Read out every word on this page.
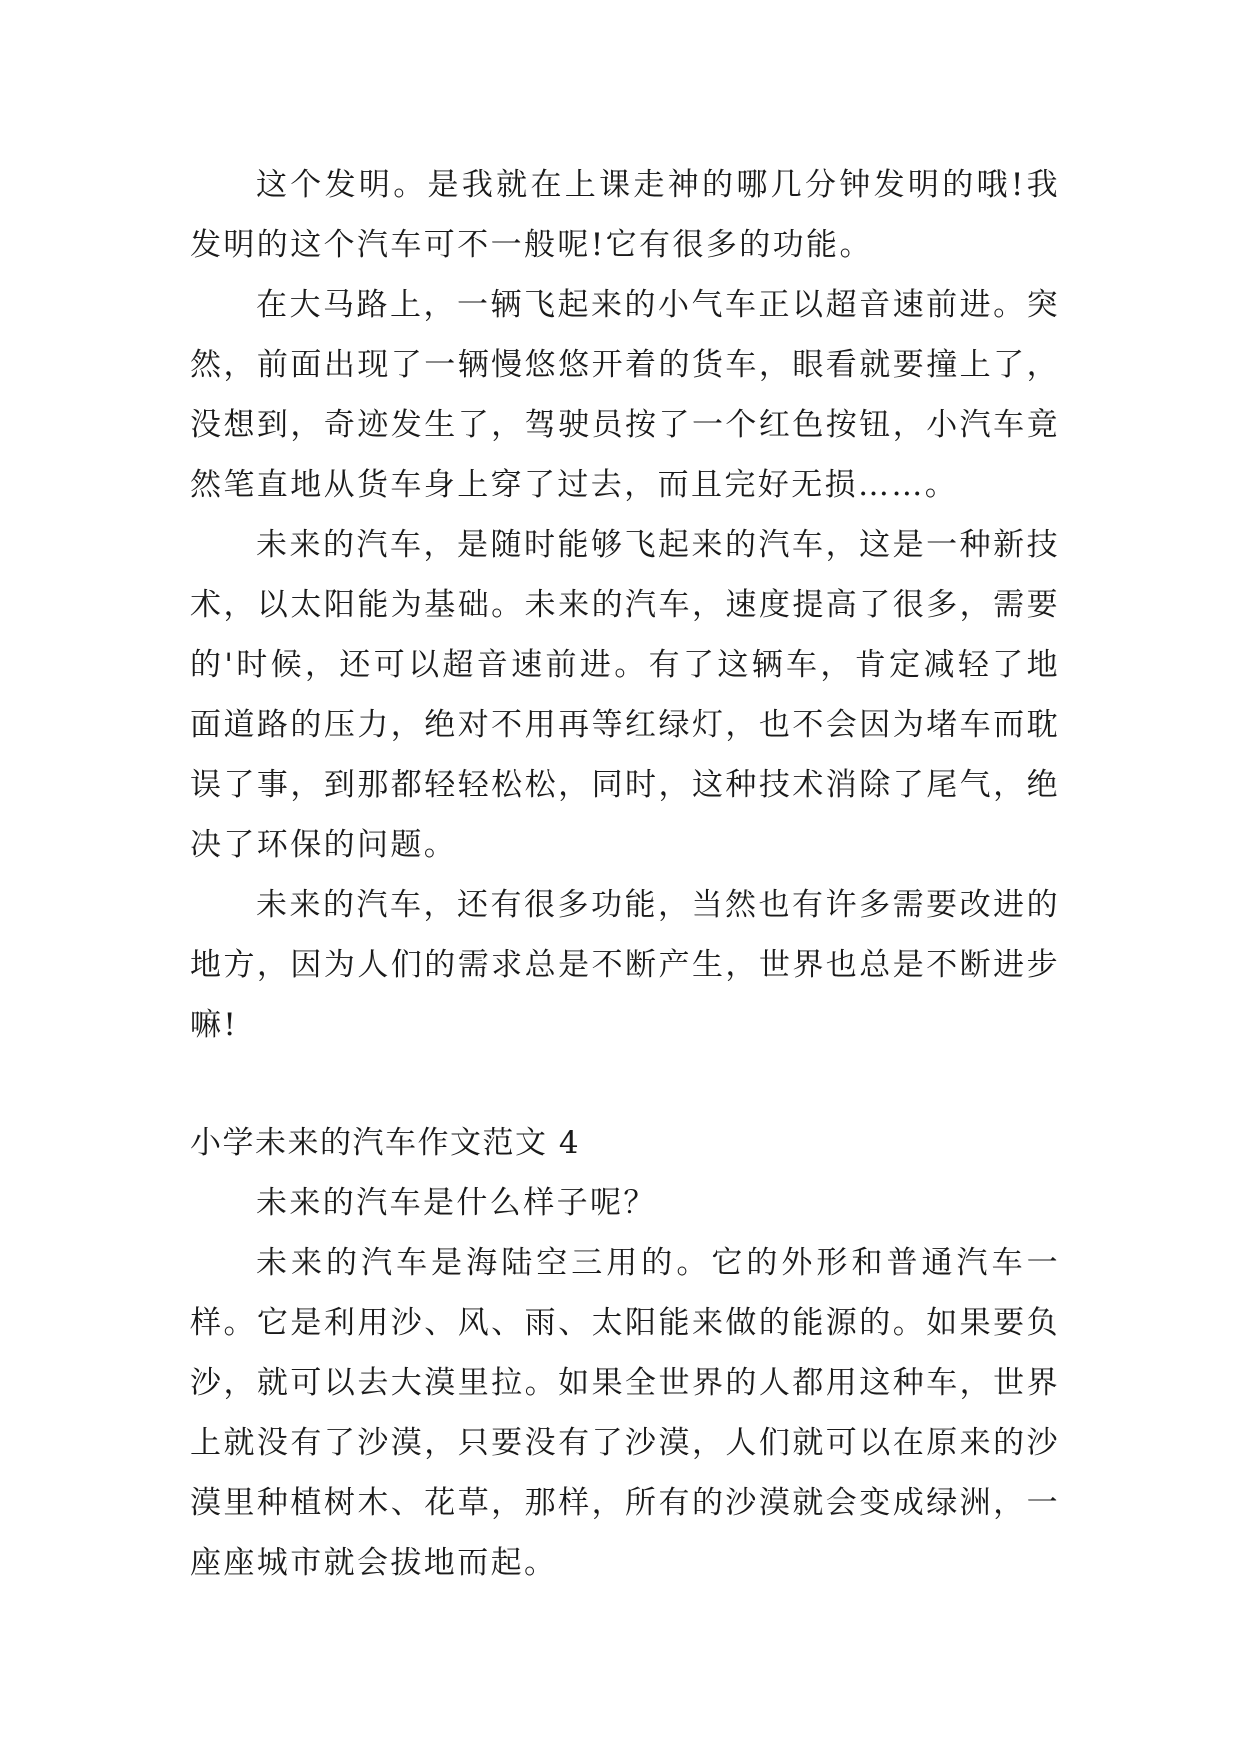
这个发明。是我就在上课走神的哪几分钟发明的哦!我发明的这个汽车可不一般呢!它有很多的功能。

在大马路上，一辆飞起来的小气车正以超音速前进。突然，前面出现了一辆慢悠悠开着的货车，眼看就要撞上了，没想到，奇迹发生了，驾驶员按了一个红色按钮，小汽车竟然笔直地从货车身上穿了过去，而且完好无损……。

未来的汽车，是随时能够飞起来的汽车，这是一种新技术，以太阳能为基础。未来的汽车，速度提高了很多，需要的'时候，还可以超音速前进。有了这辆车，肯定减轻了地面道路的压力，绝对不用再等红绿灯，也不会因为堵车而耽误了事，到那都轻轻松松，同时，这种技术消除了尾气，绝决了环保的问题。

未来的汽车，还有很多功能，当然也有许多需要改进的地方，因为人们的需求总是不断产生，世界也总是不断进步嘛!

小学未来的汽车作文范文 4

未来的汽车是什么样子呢？

未来的汽车是海陆空三用的。它的外形和普通汽车一样。它是利用沙、风、雨、太阳能来做的能源的。如果要负沙，就可以去大漠里拉。如果全世界的人都用这种车，世界上就没有了沙漠，只要没有了沙漠，人们就可以在原来的沙漠里种植树木、花草，那样，所有的沙漠就会变成绿洲，一座座城市就会拔地而起。
